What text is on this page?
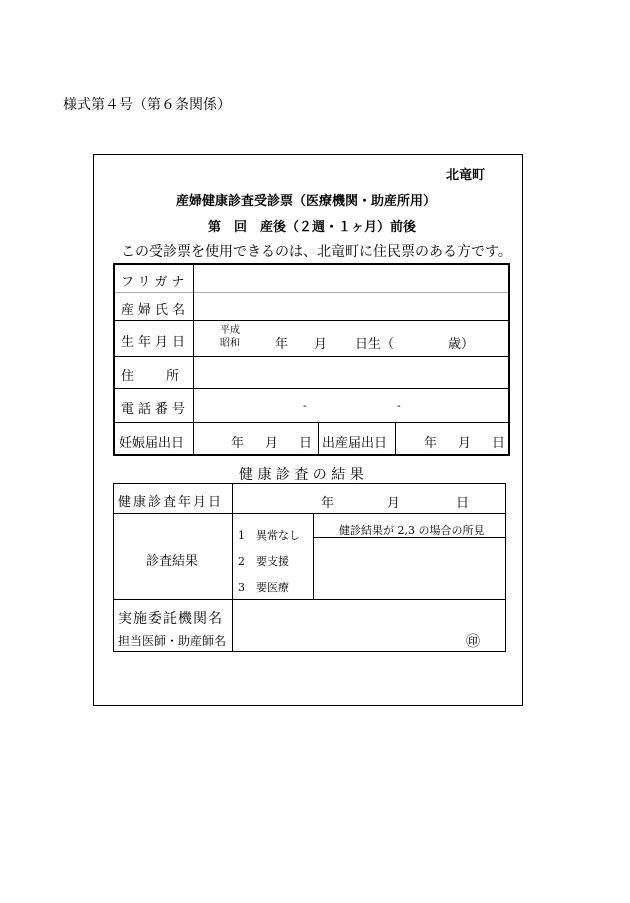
様式第４号（第６条関係）
北竜町
産婦健康診査受診票（医療機関・助産所用）
第　回　産後（２週・１ヶ月）前後
この受診票を使用できるのは、北竜町に住民票のある方です。
フリガナ
産婦氏名
生年月日
平成
昭和	年 月 日生（	歳）
住　　所
電話番号	-	-
妊娠届出日	年 月 日 出産届出日	年 月 日
健 康 診 査 の 結 果
健康診査年月日	年	月	日
診査結果
1　異常なし
2　要支援
3　要医療
健診結果が 2,3 の場合の所見
実施委託機関名
担当医師・助産師名	㊞
